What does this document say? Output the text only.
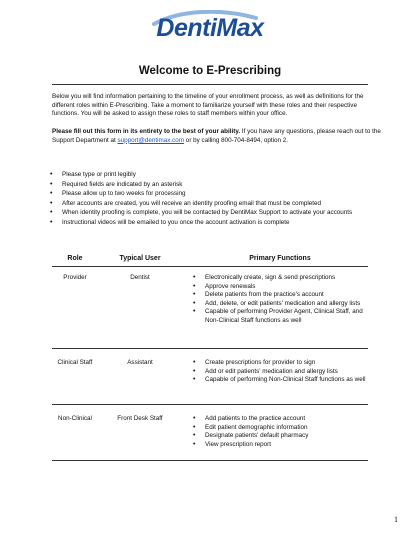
DentiMax
Welcome to E-Prescribing
Below you will find information pertaining to the timeline of your enrollment process, as well as definitions for the different roles within E-Prescribing. Take a moment to familiarize yourself with these roles and their respective functions. You will be asked to assign these roles to staff members within your office.
Please fill out this form in its entirety to the best of your ability. If you have any questions, please reach out to the Support Department at support@dentimax.com or by calling 800-704-8494, option 2.
• Please type or print legibly
• Required fields are indicated by an asterisk
• Please allow up to two weeks for processing
• After accounts are created, you will receive an identity proofing email that must be completed
• When identity proofing is complete, you will be contacted by DentiMax Support to activate your accounts
• Instructional videos will be emailed to you once the account activation is complete
Role	Typical User	Primary Functions
Provider	Dentist	• Electronically create, sign & send prescriptions
• Approve renewals
• Delete patients from the practice's account
• Add, delete, or edit patients' medication and allergy lists
• Capable of performing Provider Agent, Clinical Staff, and Non-Clinical Staff functions as well
Clinical Staff	Assistant	• Create prescriptions for provider to sign
• Add or edit patients' medication and allergy lists
• Capable of performing Non-Clinical Staff functions as well
Non-Clinical	Front Desk Staff	• Add patients to the practice account
• Edit patient demographic information
• Designate patients' default pharmacy
• View prescription report
1
